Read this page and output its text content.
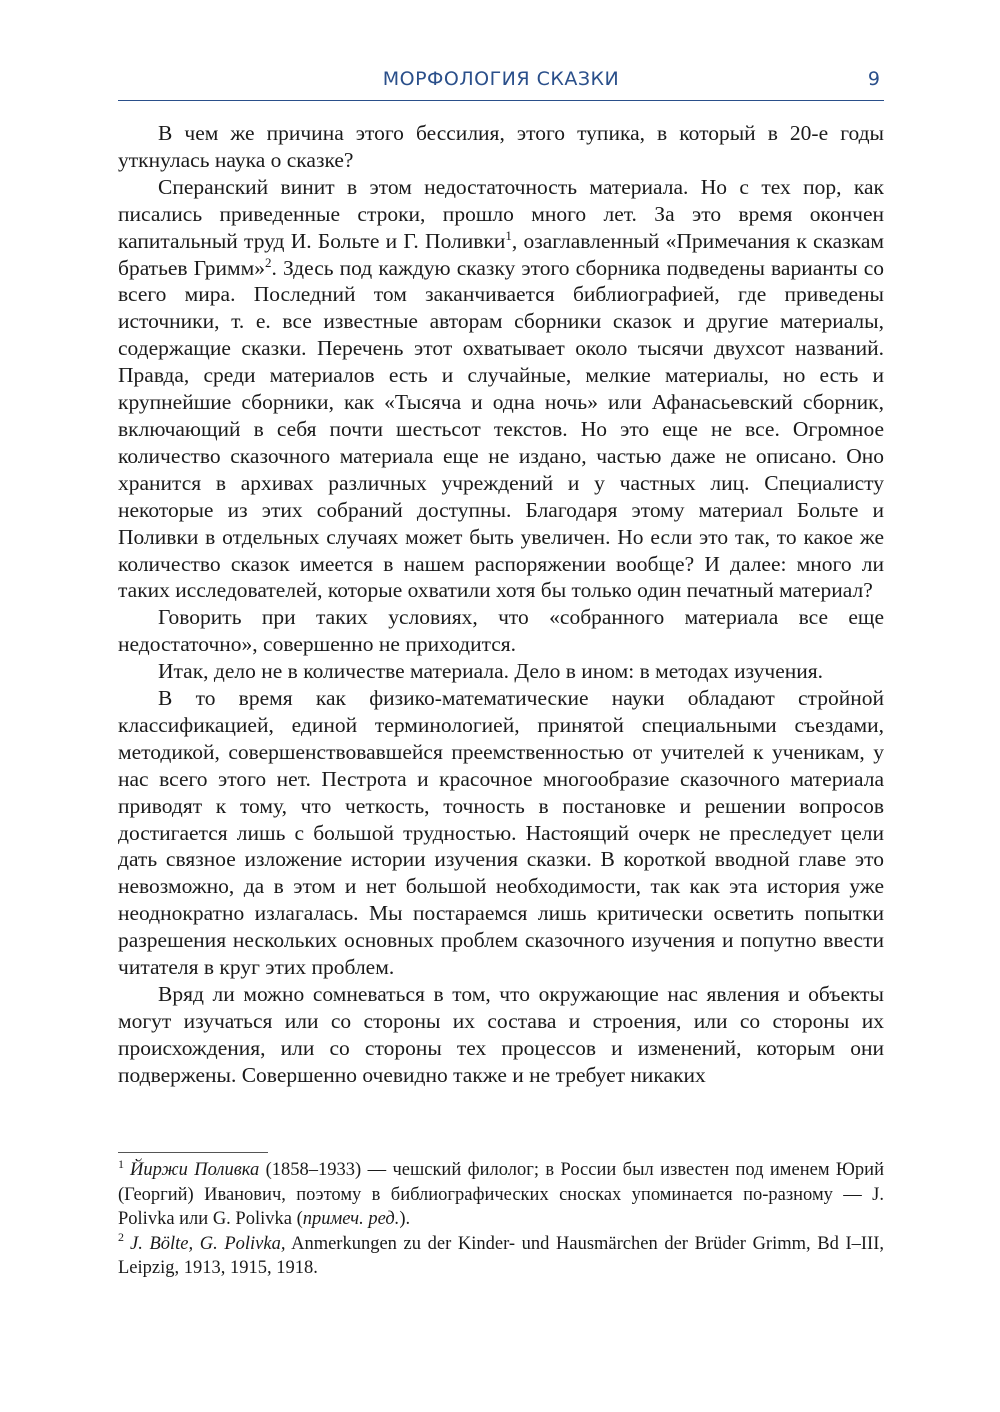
МОРФОЛОГИЯ СКАЗКИ	9

В чем же причина этого бессилия, этого тупика, в который в 20-е годы уткнулась наука о сказке?

Сперанский винит в этом недостаточность материала. Но с тех пор, как писались приведенные строки, прошло много лет. За это время окончен капитальный труд И. Больте и Г. Поливки$^1$, озаглавленный «Примечания к сказкам братьев Гримм»$^2$. Здесь под каждую сказку этого сборника подведены варианты со всего мира. Последний том заканчивается библиографией, где приведены источники, т. е. все известные авторам сборники сказок и другие материалы, содержащие сказки. Перечень этот охватывает около тысячи двухсот названий. Правда, среди материалов есть и случайные, мелкие материалы, но есть и крупнейшие сборники, как «Тысяча и одна ночь» или Афанасьевский сборник, включающий в себя почти шестьсот текстов. Но это еще не все. Огромное количество сказочного материала еще не издано, частью даже не описано. Оно хранится в архивах различных учреждений и у частных лиц. Специалисту некоторые из этих собраний доступны. Благодаря этому материал Больте и Поливки в отдельных случаях может быть увеличен. Но если это так, то какое же количество сказок имеется в нашем распоряжении вообще? И далее: много ли таких исследователей, которые охватили хотя бы только один печатный материал?

Говорить при таких условиях, что «собранного материала все еще недостаточно», совершенно не приходится.

Итак, дело не в количестве материала. Дело в ином: в методах изучения.

В то время как физико-математические науки обладают стройной классификацией, единой терминологией, принятой специальными съездами, методикой, совершенствовавшейся преемственностью от учителей к ученикам, у нас всего этого нет. Пестрота и красочное многообразие сказочного материала приводят к тому, что четкость, точность в постановке и решении вопросов достигается лишь с большой трудностью. Настоящий очерк не преследует цели дать связное изложение истории изучения сказки. В короткой вводной главе это невозможно, да в этом и нет большой необходимости, так как эта история уже неоднократно излагалась. Мы постараемся лишь критически осветить попытки разрешения нескольких основных проблем сказочного изучения и попутно ввести читателя в круг этих проблем.

Вряд ли можно сомневаться в том, что окружающие нас явления и объекты могут изучаться или со стороны их состава и строения, или со стороны их происхождения, или со стороны тех процессов и изменений, которым они подвержены. Совершенно очевидно также и не требует никаких

$^1$ Йиржи Поливка (1858–1933) — чешский филолог; в России был известен под именем Юрий (Георгий) Иванович, поэтому в библиографических сносках упоминается по-разному — J. Polivka или G. Polivka (примеч. ред.).

$^2$ J. Bölte, G. Polivka, Anmerkungen zu der Kinder- und Hausmärchen der Brüder Grimm, Bd I–III, Leipzig, 1913, 1915, 1918.
